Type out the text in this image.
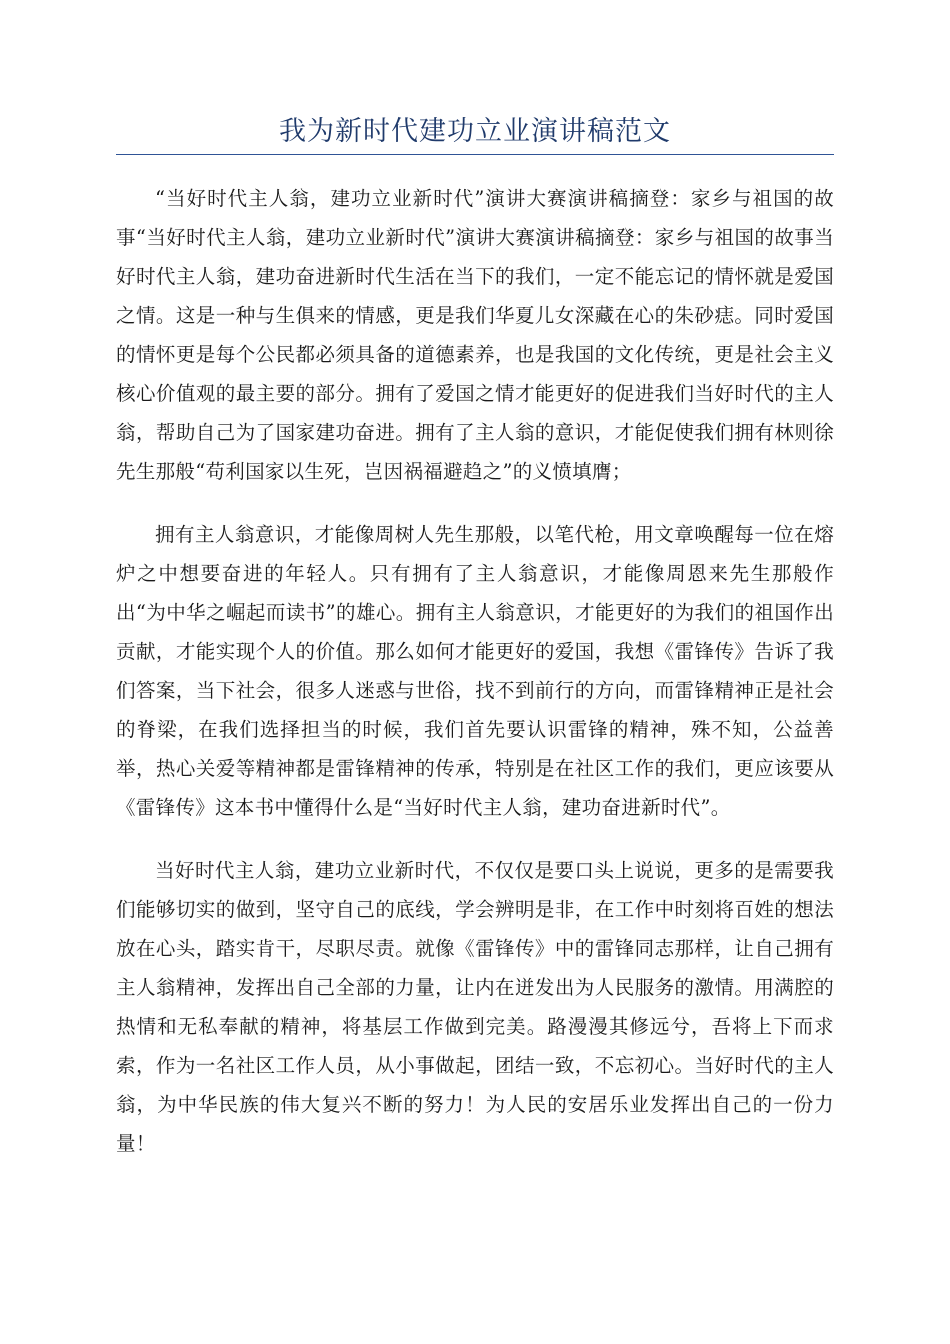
我为新时代建功立业演讲稿范文

“当好时代主人翁，建功立业新时代”演讲大赛演讲稿摘登：家乡与祖国的故事“当好时代主人翁，建功立业新时代”演讲大赛演讲稿摘登：家乡与祖国的故事当好时代主人翁，建功奋进新时代生活在当下的我们，一定不能忘记的情怀就是爱国之情。这是一种与生俱来的情感，更是我们华夏儿女深藏在心的朱砂痣。同时爱国的情怀更是每个公民都必须具备的道德素养，也是我国的文化传统，更是社会主义核心价值观的最主要的部分。拥有了爱国之情才能更好的促进我们当好时代的主人翁，帮助自己为了国家建功奋进。拥有了主人翁的意识，才能促使我们拥有林则徐先生那般“苟利国家以生死，岂因祸福避趋之”的义愤填膺；

拥有主人翁意识，才能像周树人先生那般，以笔代枪，用文章唤醒每一位在熔炉之中想要奋进的年轻人。只有拥有了主人翁意识，才能像周恩来先生那般作出“为中华之崛起而读书”的雄心。拥有主人翁意识，才能更好的为我们的祖国作出贡献，才能实现个人的价值。那么如何才能更好的爱国，我想《雷锋传》告诉了我们答案，当下社会，很多人迷惑与世俗，找不到前行的方向，而雷锋精神正是社会的脊梁，在我们选择担当的时候，我们首先要认识雷锋的精神，殊不知，公益善举，热心关爱等精神都是雷锋精神的传承，特别是在社区工作的我们，更应该要从《雷锋传》这本书中懂得什么是“当好时代主人翁，建功奋进新时代”。

当好时代主人翁，建功立业新时代，不仅仅是要口头上说说，更多的是需要我们能够切实的做到，坚守自己的底线，学会辨明是非，在工作中时刻将百姓的想法放在心头，踏实肯干，尽职尽责。就像《雷锋传》中的雷锋同志那样，让自己拥有主人翁精神，发挥出自己全部的力量，让内在迸发出为人民服务的激情。用满腔的热情和无私奉献的精神，将基层工作做到完美。路漫漫其修远兮，吾将上下而求索，作为一名社区工作人员，从小事做起，团结一致，不忘初心。当好时代的主人翁，为中华民族的伟大复兴不断的努力！为人民的安居乐业发挥出自己的一份力量！
